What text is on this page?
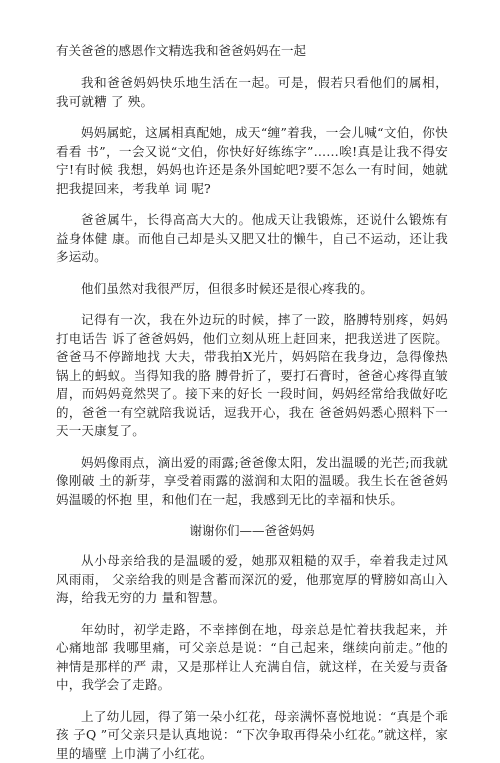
有关爸爸的感恩作文精选我和爸爸妈妈在一起

我和爸爸妈妈快乐地生活在一起。可是，假若只看他们的属相，我可就糟 了 殃。

妈妈属蛇，这属相真配她，成天“缠”着我，一会儿喊“文伯，你快看看 书”，一会又说“文伯，你快好好练练字”……唉!真是让我不得安宁!有时候 我想，妈妈也许还是条外国蛇吧?要不怎么一有时间，她就把我提回来，考我单 词 呢?

爸爸属牛，长得高高大大的。他成天让我锻炼，还说什么锻炼有益身体健 康。而他自己却是头又肥又壮的懒牛，自己不运动，还让我多运动。

他们虽然对我很严厉，但很多时候还是很心疼我的。

记得有一次，我在外边玩的时候，摔了一跤，胳膊特别疼，妈妈打电话告 诉了爸爸妈妈，他们立刻从班上赶回来，把我送进了医院。爸爸马不停蹄地找 大夫，带我拍X光片，妈妈陪在我身边，急得像热锅上的蚂蚁。当得知我的胳 膊骨折了，要打石膏时，爸爸心疼得直皱眉，而妈妈竟然哭了。接下来的好长 一段时间，妈妈经常给我做好吃的，爸爸一有空就陪我说话，逗我开心，我在 爸爸妈妈悉心照料下一天一天康复了。

妈妈像雨点，滴出爱的雨露;爸爸像太阳，发出温暖的光芒;而我就像刚破 土的新芽，享受着雨露的滋润和太阳的温暖。我生长在爸爸妈妈温暖的怀抱 里，和他们在一起，我感到无比的幸福和快乐。

谢谢你们——爸爸妈妈

从小母亲给我的是温暖的爱，她那双粗糙的双手，牵着我走过风风雨雨， 父亲给我的则是含蓄而深沉的爱，他那宽厚的臂膀如高山入海，给我无穷的力 量和智慧。

年幼时，初学走路，不幸摔倒在地，母亲总是忙着扶我起来，并心痛地部 我哪里痛，可父亲总是说：“自己起来，继续向前走。”他的神情是那样的严 肃，又是那样让人充满自信，就这样，在关爱与责备中，我学会了走路。

上了幼儿园，得了第一朵小红花，母亲满怀喜悦地说：“真是个乖孩 子Q ”可父亲只是认真地说：“下次争取再得朵小红花。”就这样，家里的墙壁 上巾满了小红花。
